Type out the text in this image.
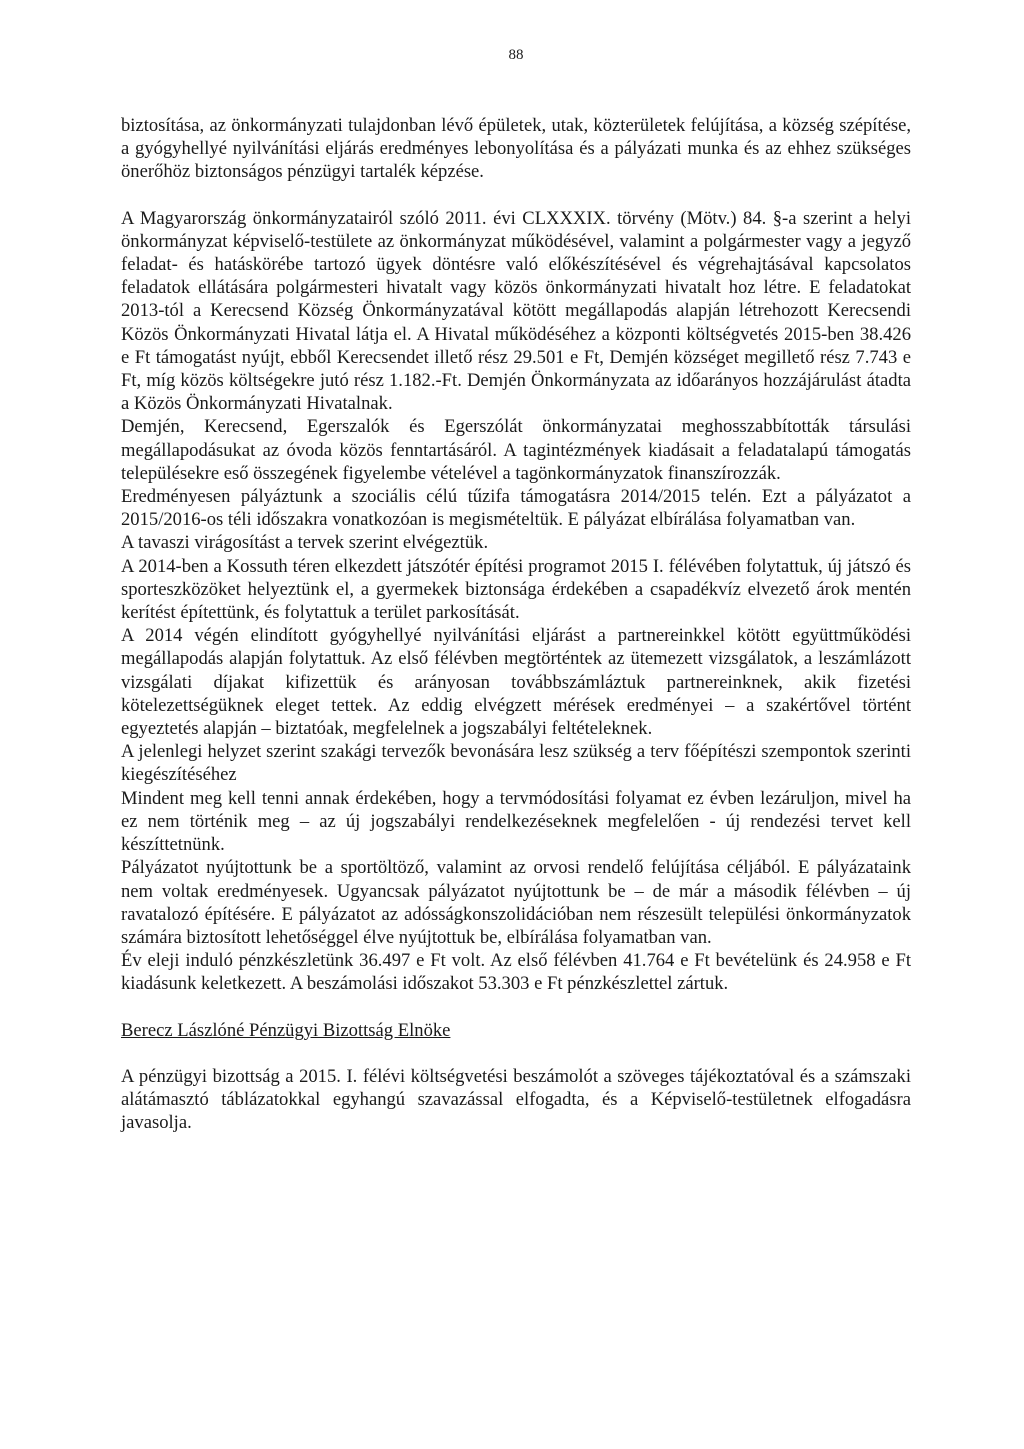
88

biztosítása, az önkormányzati tulajdonban lévő épületek, utak, közterületek felújítása, a község szépítése, a gyógyhellyé nyilvánítási eljárás eredményes lebonyolítása és a pályázati munka és az ehhez szükséges önerőhöz biztonságos pénzügyi tartalék képzése.

A Magyarország önkormányzatairól szóló 2011. évi CLXXXIX. törvény (Mötv.) 84. §-a szerint a helyi önkormányzat képviselő-testülete az önkormányzat működésével, valamint a polgármester vagy a jegyző feladat- és hatáskörébe tartozó ügyek döntésre való előkészítésével és végrehajtásával kapcsolatos feladatok ellátására polgármesteri hivatalt vagy közös önkormányzati hivatalt hoz létre. E feladatokat 2013-tól a Kerecsend Község Önkormányzatával kötött megállapodás alapján létrehozott Kerecsendi Közös Önkormányzati Hivatal látja el. A Hivatal működéséhez a központi költségvetés 2015-ben 38.426 e Ft támogatást nyújt, ebből Kerecsendet illető rész 29.501 e Ft, Demjén községet megillető rész 7.743 e Ft, míg közös költségekre jutó rész 1.182.-Ft. Demjén Önkormányzata az időarányos hozzájárulást átadta a Közös Önkormányzati Hivatalnak.

Demjén, Kerecsend, Egerszalók és Egerszólát önkormányzatai meghosszabbították társulási megállapodásukat az óvoda közös fenntartásáról. A tagintézmények kiadásait a feladatalapú támogatás településekre eső összegének figyelembe vételével a tagönkormányzatok finanszírozzák.

Eredményesen pályáztunk a szociális célú tűzifa támogatásra 2014/2015 telén. Ezt a pályázatot a 2015/2016-os téli időszakra vonatkozóan is megismételtük. E pályázat elbírálása folyamatban van.

A tavaszi virágosítást a tervek szerint elvégeztük.

A 2014-ben a Kossuth téren elkezdett játszótér építési programot 2015 I. félévében folytattuk, új játszó és sporteszközöket helyeztünk el, a gyermekek biztonsága érdekében a csapadékvíz elvezető árok mentén kerítést építettünk, és folytattuk a terület parkosítását.

A 2014 végén elindított gyógyhellyé nyilvánítási eljárást a partnereinkkel kötött együttműködési megállapodás alapján folytattuk. Az első félévben megtörténtek az ütemezett vizsgálatok, a leszámlázott vizsgálati díjakat kifizettük és arányosan továbbszámláztuk partnereinknek, akik fizetési kötelezettségüknek eleget tettek. Az eddig elvégzett mérések eredményei – a szakértővel történt egyeztetés alapján – biztatóak, megfelelnek a jogszabályi feltételeknek.

A jelenlegi helyzet szerint szakági tervezők bevonására lesz szükség a terv főépítészi szempontok szerinti kiegészítéséhez

Mindent meg kell tenni annak érdekében, hogy a tervmódosítási folyamat ez évben lezáruljon, mivel ha ez nem történik meg – az új jogszabályi rendelkezéseknek megfelelően - új rendezési tervet kell készíttetnünk.

Pályázatot nyújtottunk be a sportöltöző, valamint az orvosi rendelő felújítása céljából. E pályázataink nem voltak eredményesek. Ugyancsak pályázatot nyújtottunk be – de már a második félévben – új ravatalozó építésére. E pályázatot az adósságkonszolidációban nem részesült települési önkormányzatok számára biztosított lehetőséggel élve nyújtottuk be, elbírálása folyamatban van.

Év eleji induló pénzkészletünk 36.497 e Ft volt. Az első félévben 41.764 e Ft bevételünk és 24.958 e Ft kiadásunk keletkezett. A beszámolási időszakot 53.303 e Ft pénzkészlettel zártuk.

Berecz Lászlóné Pénzügyi Bizottság Elnöke

A pénzügyi bizottság a 2015. I. félévi költségvetési beszámolót a szöveges tájékoztatóval és a számszaki alátámasztó táblázatokkal egyhangú szavazással elfogadta, és a Képviselő-testületnek elfogadásra javasolja.
